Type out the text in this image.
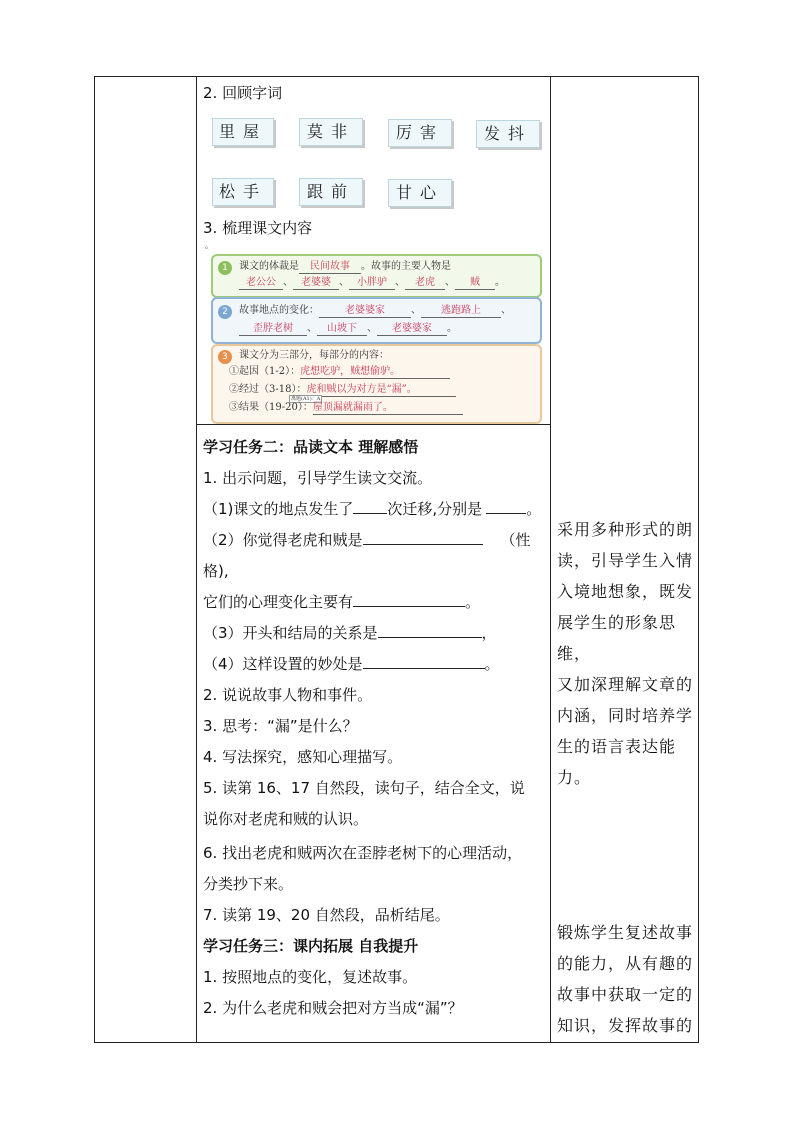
2. 回顾字词
里屋	莫非	厉害	发抖
松手	跟前	甘心
3. 梳理课文内容
。
1	课文的体裁是 民间故事 。故事的主要人物是
老公公 、 老婆婆 、 小胖驴 、 老虎 、 贼 。
2	故事地点的变化：	老婆婆家	、 逃跑路上 、
歪脖老树 、 山坡下 、 老婆婆家 。
3	课文分为三部分，每部分的内容：
①起因（1-2）：虎想吃驴，贼想偷驴。
②经过（3-18）：虎和贼以为对方是“漏”。
离题(A1)：A
③结果（19-20）：屋顶漏就漏雨了。
学习任务二：品读文本 理解感悟
1. 出示问题，引导学生读文交流。
（1)课文的地点发生了 次迁移,分别是	。
（2）你觉得老虎和贼是	（性
格),
它们的心理变化主要有	。
（3）开头和结局的关系是	，
（4）这样设置的妙处是	。
2. 说说故事人物和事件。
3. 思考：“漏”是什么？
4. 写法探究，感知心理描写。
5. 读第 16、17 自然段，读句子，结合全文，说
说你对老虎和贼的认识。
6. 找出老虎和贼两次在歪脖老树下的心理活动，
分类抄下来。
7. 读第 19、20 自然段，品析结尾。
学习任务三：课内拓展 自我提升
1. 按照地点的变化，复述故事。
2. 为什么老虎和贼会把对方当成“漏”？
采用多种形式的朗
读，引导学生入情
入境地想象，既发
展学生的形象思维，
又加深理解文章的
内涵，同时培养学
生的语言表达能力。
锻炼学生复述故事
的能力，从有趣的
故事中获取一定的
知识，发挥故事的
